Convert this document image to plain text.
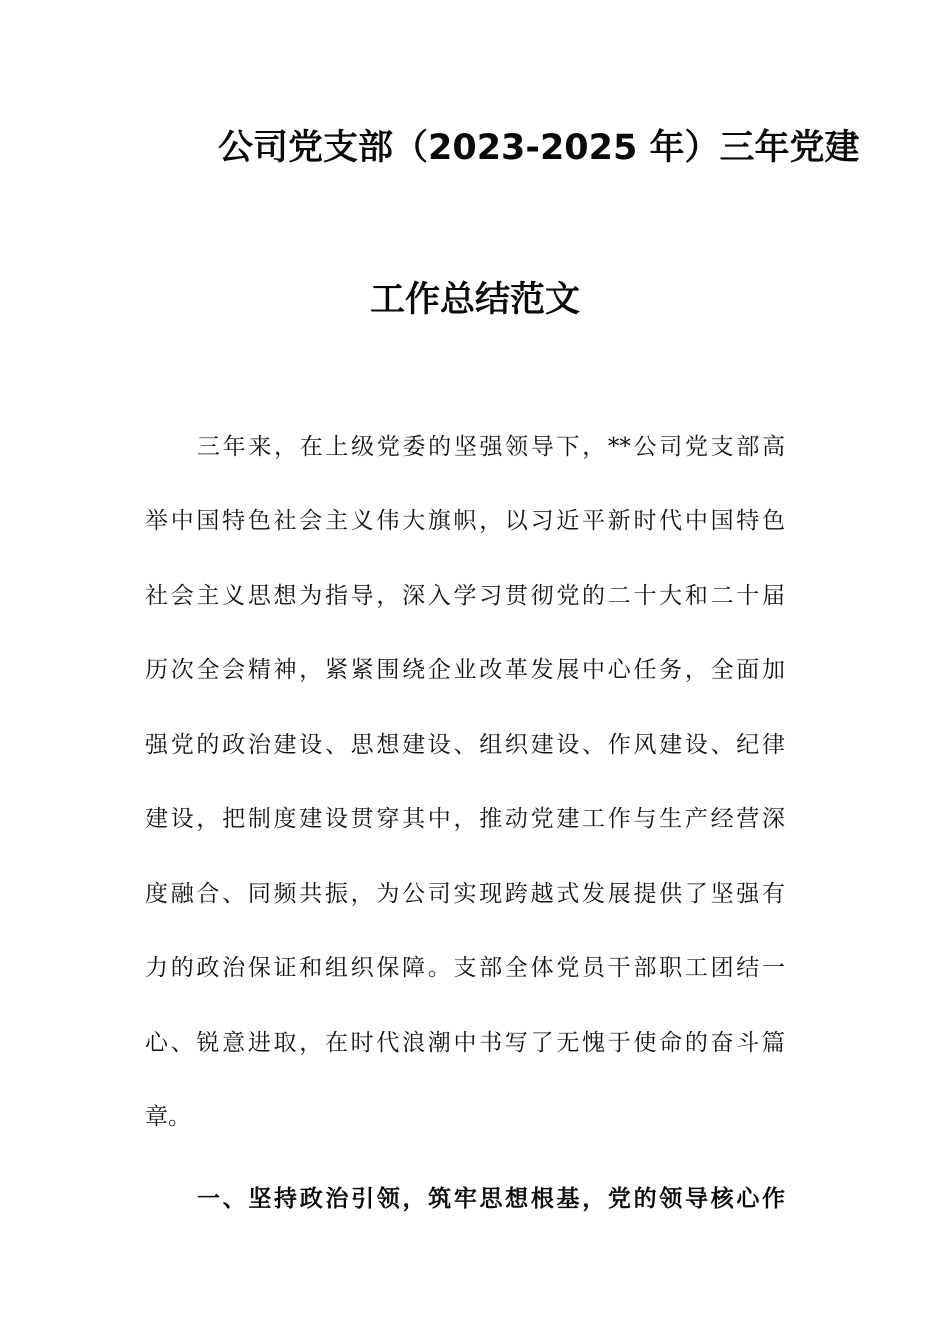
公司党支部（2023-2025 年）三年党建
工作总结范文
三年来，在上级党委的坚强领导下，**公司党支部高
举中国特色社会主义伟大旗帜，以习近平新时代中国特色
社会主义思想为指导，深入学习贯彻党的二十大和二十届
历次全会精神，紧紧围绕企业改革发展中心任务，全面加
强党的政治建设、思想建设、组织建设、作风建设、纪律
建设，把制度建设贯穿其中，推动党建工作与生产经营深
度融合、同频共振，为公司实现跨越式发展提供了坚强有
力的政治保证和组织保障。支部全体党员干部职工团结一
心、锐意进取，在时代浪潮中书写了无愧于使命的奋斗篇
章。
一、坚持政治引领，筑牢思想根基，党的领导核心作
